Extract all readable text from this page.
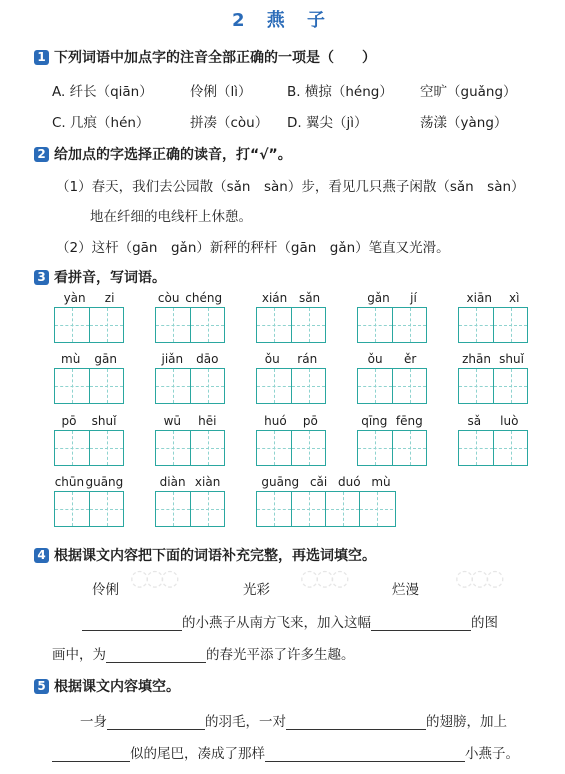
2 燕 子
1 下列词语中加点字的注音全部正确的一项是（　　）
A. 纤长（qiān）	伶俐（lì）	B. 横掠（héng） 空旷（guǎng）
C. 几痕（hén）	拼凑（còu） D. 翼尖（jì）	荡漾（yàng）
2 给加点的字选择正确的读音，打“√”。
（1）春天，我们去公园散（sǎn　sàn）步，看见几只燕子闲散（sǎn　sàn）
地在纤细的电线杆上休憩。
（2）这杆（gān　gǎn）新秤的秤杆（gān　gǎn）笔直又光滑。
3 看拼音，写词语。
yàn zi	còu chéng	xián sǎn	gǎn jí	xiān xì
mù gān	jiǎn dāo	ǒu rán	ǒu ěr	zhān shuǐ
pō shuǐ	wū hēi	huó pō	qīng fēng	sǎ luò
chūn guāng	diàn xiàn	guāng cǎi duó mù
4 根据课文内容把下面的词语补充完整，再选词填空。
◌◌◌	◌◌◌	◌◌◌
伶俐	光彩	烂漫
的小燕子从南方飞来，加入这幅	的图
画中，为	的春光平添了许多生趣。
5 根据课文内容填空。
一身	的羽毛，一对	的翅膀，加上
似的尾巴，凑成了那样	小燕子。
